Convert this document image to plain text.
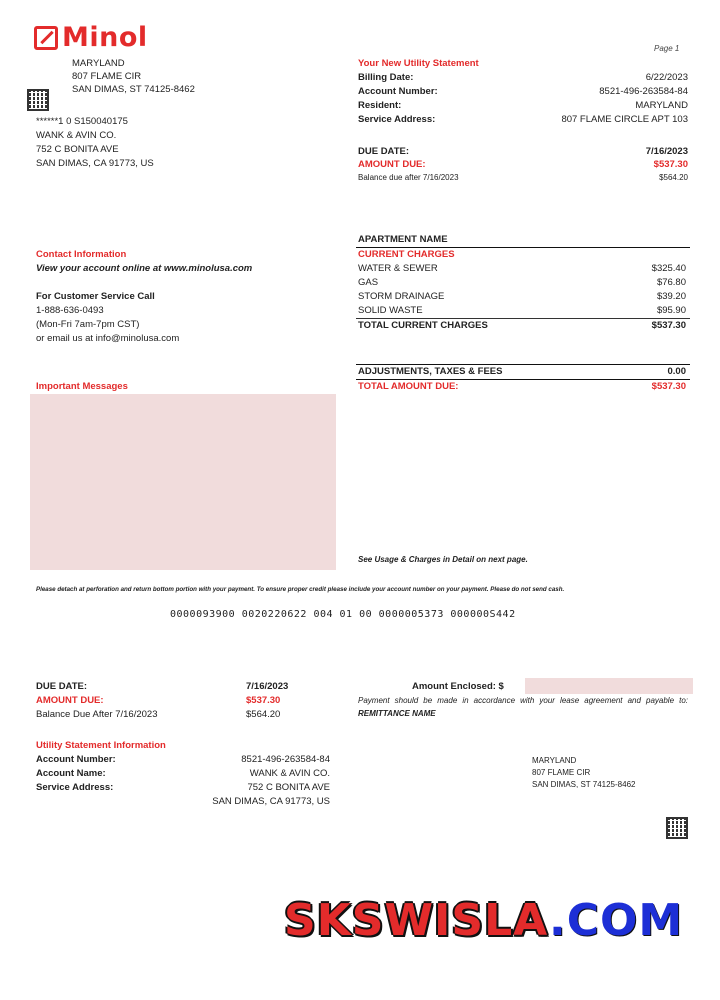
Minol	Page 1
MARYLAND
807 FLAME CIR
SAN DIMAS, ST 74125-8462
******1 0 S150040175
WANK & AVIN CO.
752 C BONITA AVE
SAN DIMAS, CA 91773, US
Your New Utility Statement
Billing Date:	6/22/2023
Account Number:	8521-496-263584-84
Resident:	MARYLAND
Service Address:	807 FLAME CIRCLE APT 103
DUE DATE:	7/16/2023
AMOUNT DUE:	$537.30
Balance due after 7/16/2023	$564.20
Contact Information
View your account online at www.minolusa.com
For Customer Service Call
1-888-636-0493
(Mon-Fri 7am-7pm CST)
or email us at info@minolusa.com
Important Messages
APARTMENT NAME
CURRENT CHARGES
WATER & SEWER	$325.40
GAS	$76.80
STORM DRAINAGE	$39.20
SOLID WASTE	$95.90
TOTAL CURRENT CHARGES	$537.30
ADJUSTMENTS, TAXES & FEES	0.00
TOTAL AMOUNT DUE:	$537.30
See Usage & Charges in Detail on next page.
Please detach at perforation and return bottom portion with your payment. To ensure proper credit please include your account number on your payment. Please do not send cash.
0000093900 0020220622 004 01 00 0000005373 000000S442
DUE DATE:	7/16/2023
AMOUNT DUE:	$537.30
Balance Due After 7/16/2023	$564.20
Amount Enclosed: $
Payment should be made in accordance with your lease agreement and payable to: REMITTANCE NAME
Utility Statement Information
Account Number:	8521-496-263584-84
Account Name:	WANK & AVIN CO.
Service Address:	752 C BONITA AVE
SAN DIMAS, CA 91773, US
MARYLAND
807 FLAME CIR
SAN DIMAS, ST 74125-8462
SKSWISLA.COM
